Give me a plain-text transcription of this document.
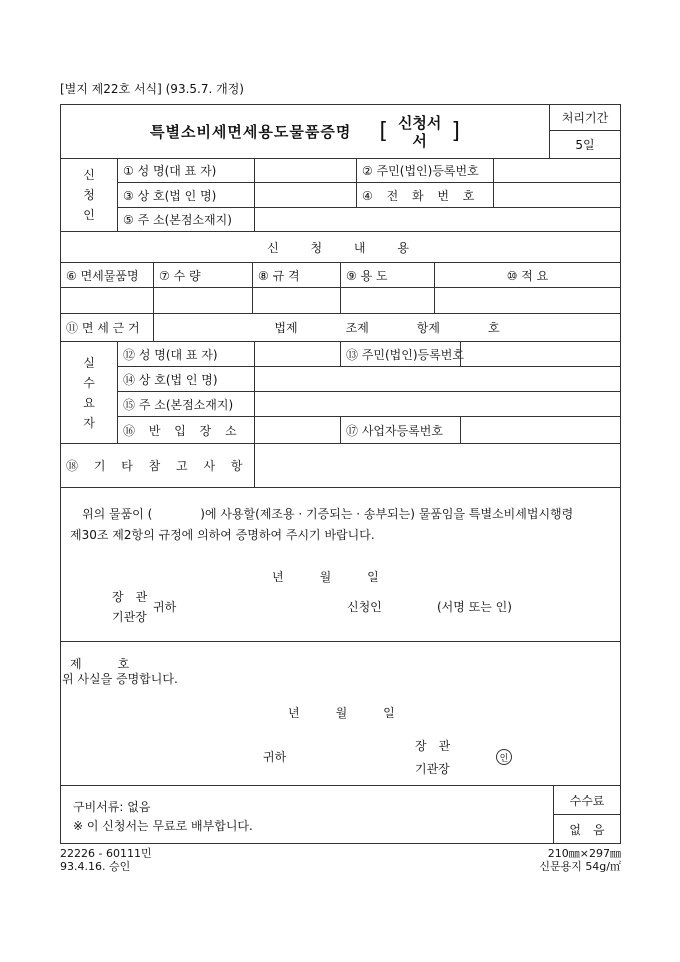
[별지 제22호 서식] (93.5.7. 개정)
특별소비세면세용도물품증명 [ 신청서
서 ]
처리기간
5일
신
청
인
① 성 명(대 표 자)	② 주민(법인)등록번호
③ 상 호(법 인 명)	④ 전 화 번 호
⑤ 주 소(본점소재지)
신 청 내 용
⑥ 면세물품명	⑦ 수 량	⑧ 규 격	⑨ 용 도	⑩ 적 요
⑪ 면 세 근 거	법제　　　　조제　　　　항제　　　　호
실
수
요
자
⑫ 성 명(대 표 자)	⑬ 주민(법인)등록번호
⑭ 상 호(법 인 명)
⑮ 주 소(본점소재지)
⑯ 반 입 장 소	⑰ 사업자등록번호
⑱ 기 타 참 고 사 항
위의 물품이 (　　　　)에 사용할(제조용 · 기증되는 · 송부되는) 물품임을 특별소비세법시행령
제30조 제2항의 규정에 의하여 증명하여 주시기 바랍니다.
년　　　월　　　일
장　관
기관장
귀하	신청인	(서명 또는 인)
제　　　호
위 사실을 증명합니다.
년　　　월　　　일
귀하
장　관
기관장
인
구비서류: 없음
※ 이 신청서는 무료로 배부합니다.
수수료
없　음
22226 - 60111민
93.4.16. 승인
210㎜×297㎜
신문용지 54g/㎡
